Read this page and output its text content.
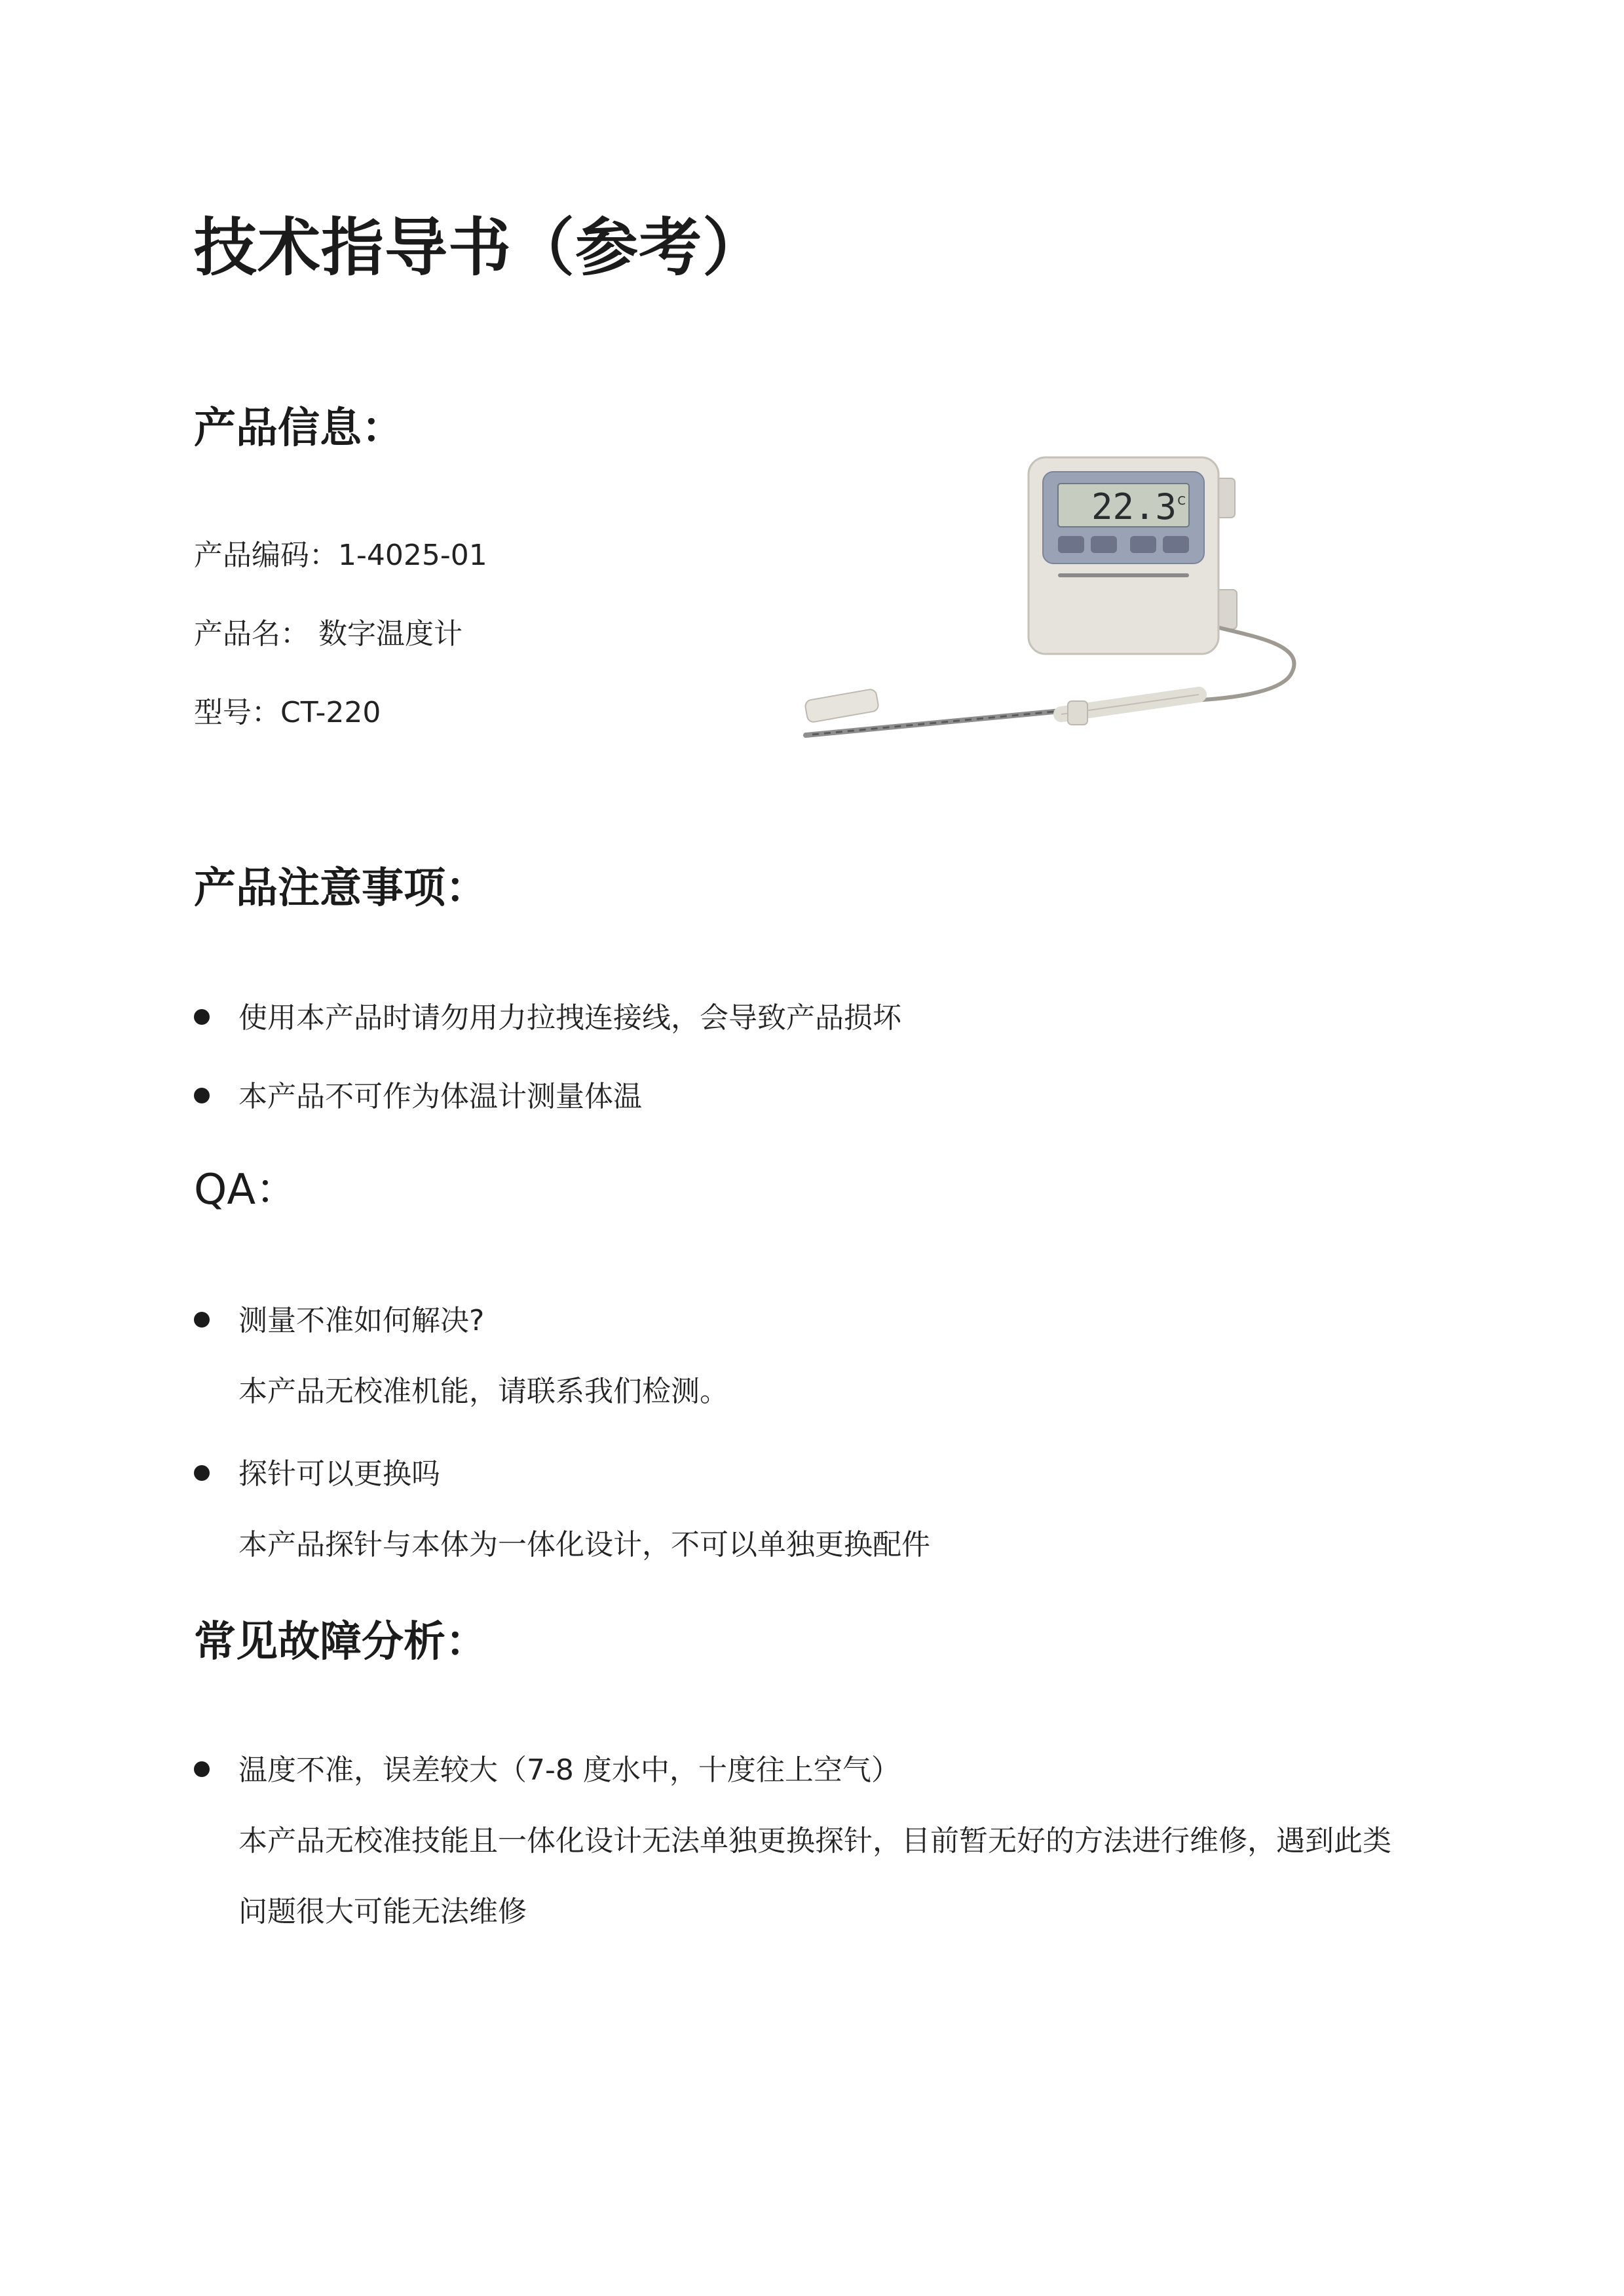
技术指导书（参考）
产品信息：
产品编码：1-4025-01
产品名： 数字温度计
型号：CT-220
22.3 C
产品注意事项：
使用本产品时请勿用力拉拽连接线，会导致产品损坏
本产品不可作为体温计测量体温
QA：
测量不准如何解决?
本产品无校准机能，请联系我们检测。
探针可以更换吗
本产品探针与本体为一体化设计，不可以单独更换配件
常见故障分析：
温度不准，误差较大（7-8 度水中，十度往上空气）
本产品无校准技能且一体化设计无法单独更换探针，目前暂无好的方法进行维修，遇到此类
问题很大可能无法维修
